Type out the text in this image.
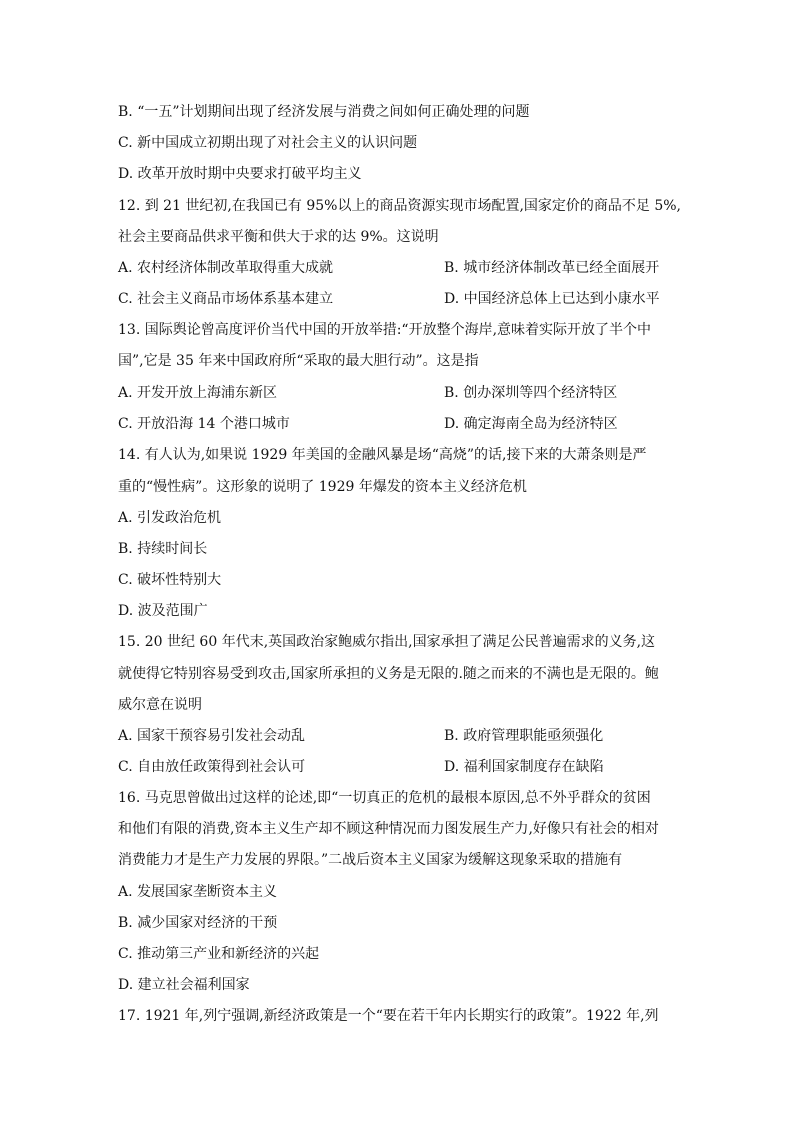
B. “一五”计划期间出现了经济发展与消费之间如何正确处理的问题
C. 新中国成立初期出现了对社会主义的认识问题
D. 改革开放时期中央要求打破平均主义
12. 到 21 世纪初,在我国已有 95%以上的商品资源实现市场配置,国家定价的商品不足 5%,
社会主要商品供求平衡和供大于求的达 9%。这说明
A. 农村经济体制改革取得重大成就	B. 城市经济体制改革已经全面展开
C. 社会主义商品市场体系基本建立	D. 中国经济总体上已达到小康水平
13. 国际舆论曾高度评价当代中国的开放举措:“开放整个海岸,意味着实际开放了半个中
国”,它是 35 年来中国政府所“采取的最大胆行动”。这是指
A. 开发开放上海浦东新区	B. 创办深圳等四个经济特区
C. 开放沿海 14 个港口城市	D. 确定海南全岛为经济特区
14. 有人认为,如果说 1929 年美国的金融风暴是场“高烧”的话,接下来的大萧条则是严
重的“慢性病”。这形象的说明了 1929 年爆发的资本主义经济危机
A. 引发政治危机
B. 持续时间长
C. 破坏性特别大
D. 波及范围广
15. 20 世纪 60 年代末,英国政治家鲍威尔指出,国家承担了满足公民普遍需求的义务,这
就使得它特别容易受到攻击,国家所承担的义务是无限的.随之而来的不满也是无限的。鲍
威尔意在说明
A. 国家干预容易引发社会动乱	B. 政府管理职能亟须强化
C. 自由放任政策得到社会认可	D. 福利国家制度存在缺陷
16. 马克思曾做出过这样的论述,即“一切真正的危机的最根本原因,总不外乎群众的贫困
和他们有限的消费,资本主义生产却不顾这种情况而力图发展生产力,好像只有社会的相对
消费能力才是生产力发展的界限。”二战后资本主义国家为缓解这现象采取的措施有
A. 发展国家垄断资本主义
B. 减少国家对经济的干预
C. 推动第三产业和新经济的兴起
D. 建立社会福利国家
17. 1921 年,列宁强调,新经济政策是一个“要在若干年内长期实行的政策”。1922 年,列
